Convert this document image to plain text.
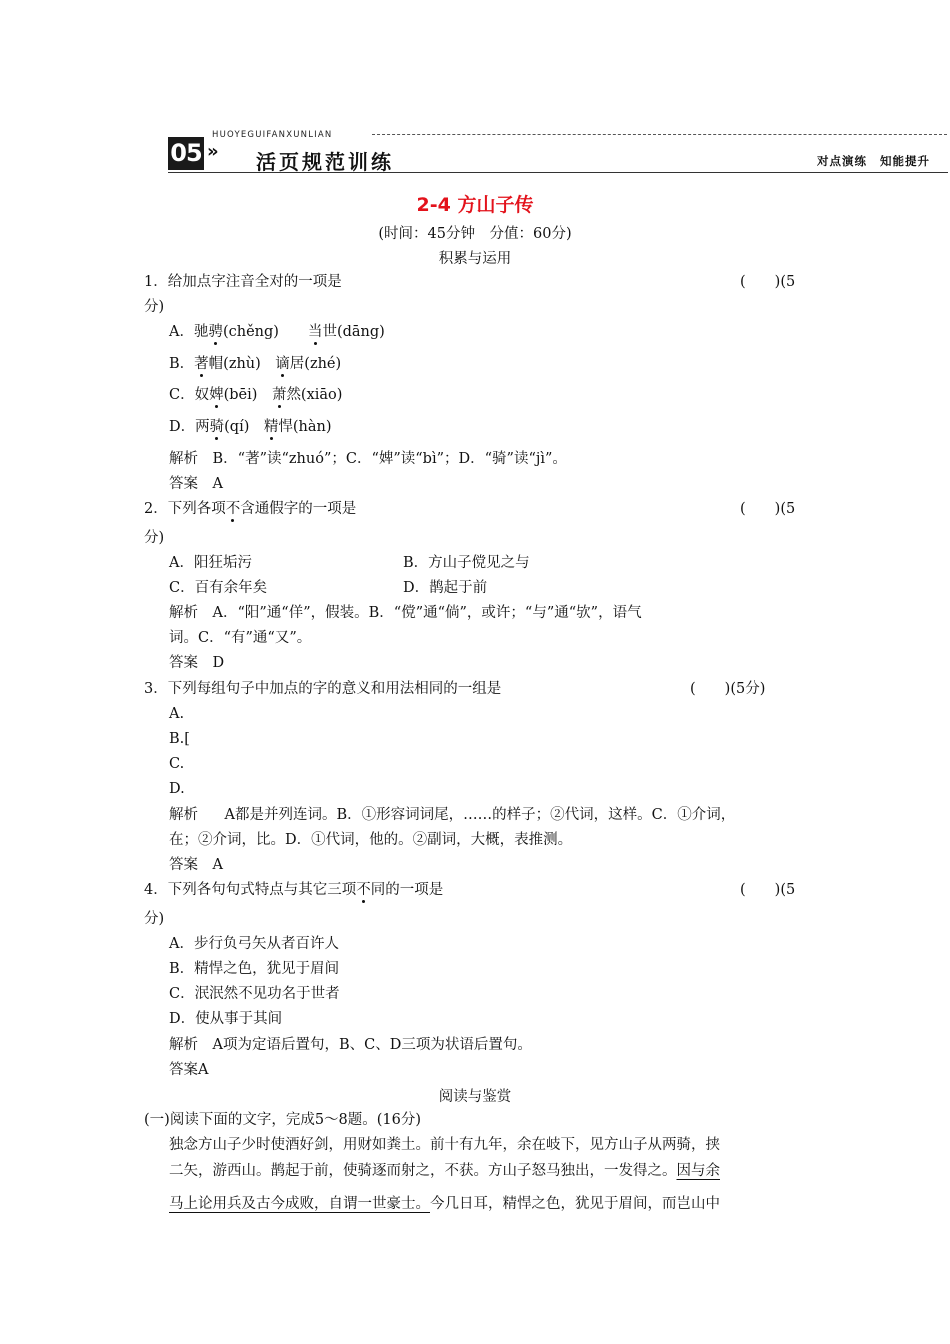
05 »
HUOYEGUIFANXUNLIAN
活页规范训练	对点演练 知能提升
2-4 方山子传
(时间：45分钟　分值：60分)
积累与运用
1．给加点字注音全对的一项是	(　　)(5
分)
A．驰骋(chěng)　　当世(dāng)
B．著帽(zhù)　谪居(zhé)
C．奴婢(bēi)　萧然(xiāo)
D．两骑(qí)　精悍(hàn)
解析　B．“著”读“zhuó”；C．“婢”读“bì”；D．“骑”读“jì”。
答案　A
2．下列各项不含通假字的一项是	(　　)(5
分)
A．阳狂垢污	B．方山子傥见之与
C．百有余年矣	D．鹊起于前
解析　A．“阳”通“佯”，假装。B．“傥”通“倘”，或许；“与”通“欤”，语气
词。C．“有”通“又”。
答案　D
3．下列每组句子中加点的字的意义和用法相同的一组是	(　　)(5分)
A.
B.[
C.
D.
解析　A都是并列连词。B．①形容词词尾，……的样子；②代词，这样。C．①介词，
在；②介词，比。D．①代词，他的。②副词，大概，表推测。
答案　A
4．下列各句句式特点与其它三项不同的一项是	(　　)(5
分)
A．步行负弓矢从者百许人
B．精悍之色，犹见于眉间
C．泯泯然不见功名于世者
D．使从事于其间
解析　A项为定语后置句，B、C、D三项为状语后置句。
答案A
阅读与鉴赏
(一)阅读下面的文字，完成5～8题。(16分)
独念方山子少时使酒好剑，用财如粪土。前十有九年，余在岐下，见方山子从两骑，挟
二矢，游西山。鹊起于前，使骑逐而射之，不获。方山子怒马独出，一发得之。因与余
马上论用兵及古今成败，自谓一世豪士。今几日耳，精悍之色，犹见于眉间，而岂山中
